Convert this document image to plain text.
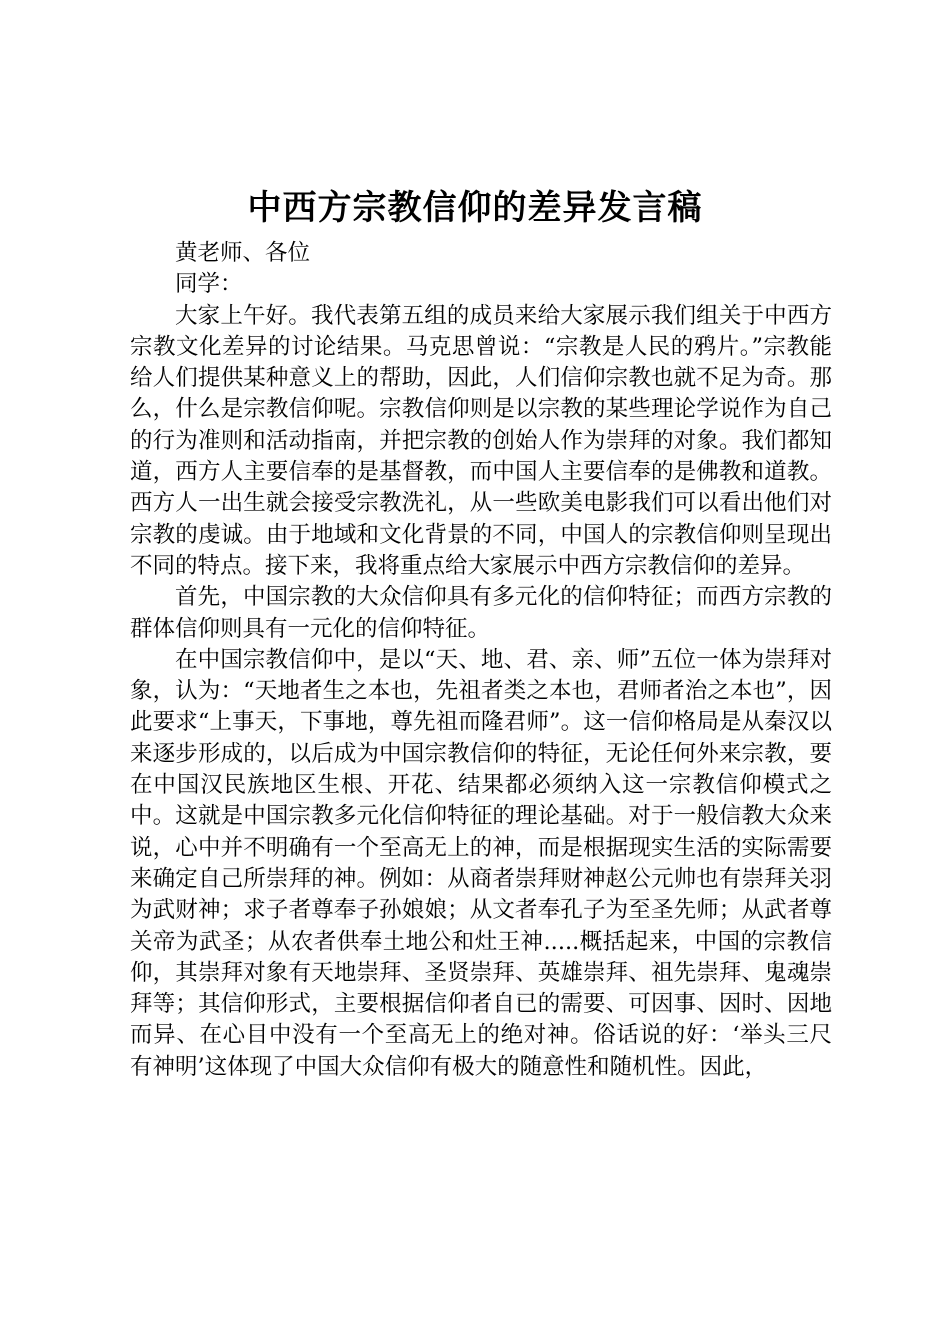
中西方宗教信仰的差异发言稿

黄老师、各位

同学：

大家上午好。我代表第五组的成员来给大家展示我们组关于中西方宗教文化差异的讨论结果。马克思曾说：“宗教是人民的鸦片。”宗教能给人们提供某种意义上的帮助，因此，人们信仰宗教也就不足为奇。那么，什么是宗教信仰呢。宗教信仰则是以宗教的某些理论学说作为自己的行为准则和活动指南，并把宗教的创始人作为崇拜的对象。我们都知道，西方人主要信奉的是基督教，而中国人主要信奉的是佛教和道教。西方人一出生就会接受宗教洗礼，从一些欧美电影我们可以看出他们对宗教的虔诚。由于地域和文化背景的不同，中国人的宗教信仰则呈现出不同的特点。接下来，我将重点给大家展示中西方宗教信仰的差异。

首先，中国宗教的大众信仰具有多元化的信仰特征；而西方宗教的群体信仰则具有一元化的信仰特征。

在中国宗教信仰中，是以“天、地、君、亲、师”五位一体为崇拜对象，认为：“天地者生之本也，先祖者类之本也，君师者治之本也”，因此要求“上事天，下事地，尊先祖而隆君师”。这一信仰格局是从秦汉以来逐步形成的，以后成为中国宗教信仰的特征，无论任何外来宗教，要在中国汉民族地区生根、开花、结果都必须纳入这一宗教信仰模式之中。这就是中国宗教多元化信仰特征的理论基础。对于一般信教大众来说，心中并不明确有一个至高无上的神，而是根据现实生活的实际需要来确定自己所崇拜的神。例如：从商者崇拜财神赵公元帅也有崇拜关羽为武财神；求子者尊奉子孙娘娘；从文者奉孔子为至圣先师；从武者尊关帝为武圣；从农者供奉土地公和灶王神.....概括起来，中国的宗教信仰，其崇拜对象有天地崇拜、圣贤崇拜、英雄崇拜、祖先崇拜、鬼魂崇拜等；其信仰形式，主要根据信仰者自已的需要、可因事、因时、因地而异、在心目中没有一个至高无上的绝对神。俗话说的好：‘举头三尺有神明’这体现了中国大众信仰有极大的随意性和随机性。因此，
